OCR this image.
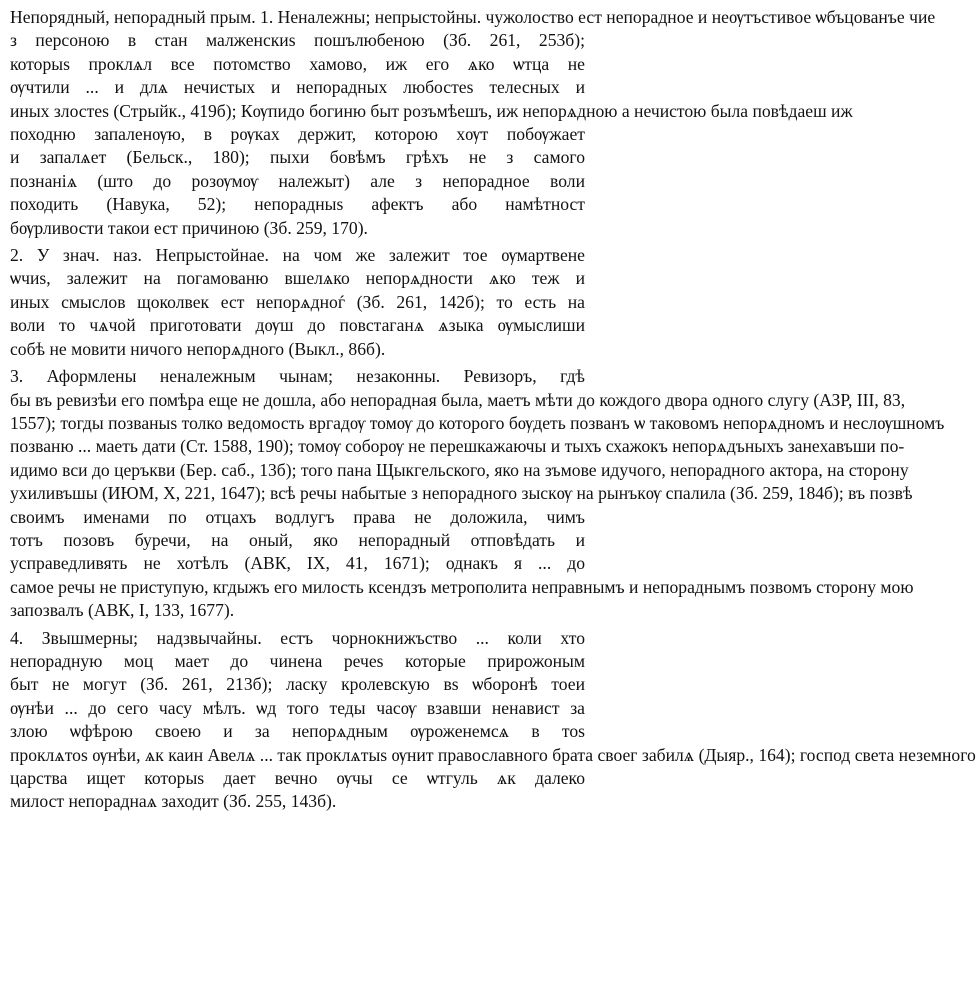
Непорядный, непорадный прым. 1. Неналежны; непрыстойны. чужолоство ест непорадное и неѹтъстивое ѡбъцованъе чие
з персоною в стан малженскиs пошълюбеною (Зб. 261, 253б);
которыs проклѧл все потомство хамово, иж его ѧко ѡтца не
ѹчтили ... и длѧ нечистых и непорадных любостеs телесных и
иных злостеs (Стрыйк., 419б); Кѹпидо богиню быт розъмѣешъ, иж непорѧдною а нечистою была повѣдаеш иж
походню запаленѹю, в рѹках держит, которою хѹт побѹжает
и запалѧет (Бельск., 180); пыхи бовѣмъ грѣхъ не з самого
познаніѧ (што до розѹмѹ належыт) але з непорадное воли
походить (Навука, 52); непорадныs афектъ або намѣтност
бѹрливости такои ест причиною (Зб. 259, 170).
2. У знач. наз. Непрыстойнае. на чом же залежит тое ѹмартвене
ѡчиs, залежит на погамованю вшелѧко непорѧдности ѧко теж и
иных смыслов щоколвек ест непорѧдноѓ (Зб. 261, 142б); то есть на
воли то чѧчой приготовати дѹш до повстаганѧ ѧзыка ѹмыслиши
собѣ не мовити ничого непорѧдного (Выкл., 86б).
3. Аформлены неналежным чынам; незаконны. Ревизоръ, гдѣ
бы въ ревизѣи его помѣра еще не дошла, або непорадная была, маетъ мѣти до кождого двора одного слугу (АЗР, III, 83,
1557); тогды позваныs толко ведомость вргадѹ томѹ до которого бѹдеть позванъ ѡ таковомъ непорѧдномъ и неслѹшномъ
позваню ... маеть дати (Ст. 1588, 190); томѹ соборѹ не перешкажаючы и тыхъ схажокъ непорѧдъныхъ занехавъши по-
идимо вси до церъкви (Бер. саб., 13б); того пана Щыкгельского, яко на зъмове идучого, непорадного актора, на сторону
ухиливъшы (ИЮМ, X, 221, 1647); всѣ речы набытые з непорадного зыскѹ на рынъкѹ спалила (Зб. 259, 184б); въ позвѣ
своимъ именами по отцахъ водлугъ права не доложила, чимъ
тотъ позовъ буречи, на оный, яко непорадный отповѣдать и
усправедливять не хотѣлъ (АВК, IX, 41, 1671); однакъ я ... до
самое речы не приступую, кгдыжъ его милость ксендзъ метрополита неправнымъ и непораднымъ позвомъ сторону мою
запозвалъ (АВК, I, 133, 1677).
4. Звышмерны; надзвычайны. естъ чорнокнижъство ... коли хто
непорадную моц мает до чинена речеs которые прирожоным
быт не могут (Зб. 261, 213б); ласку кролевскую вs ѡборонѣ тоеи
ѹнѣи ... до сего часу мѣлъ. ѡд того теды часѹ взавши ненавист за
злою ѡфѣрою своею и за непорѧдным ѹроженемсѧ в тоs
проклѧтоs ѹнѣи, ѧк каин Авелѧ ... так проклѧтыs ѹнит православного брата своег забилѧ (Дыяр., 164); господ света неземного
царства ищет которыs дает вечно ѹчы се ѡтгуль ѧк далеко
милост непораднаѧ заходит (Зб. 255, 143б).
